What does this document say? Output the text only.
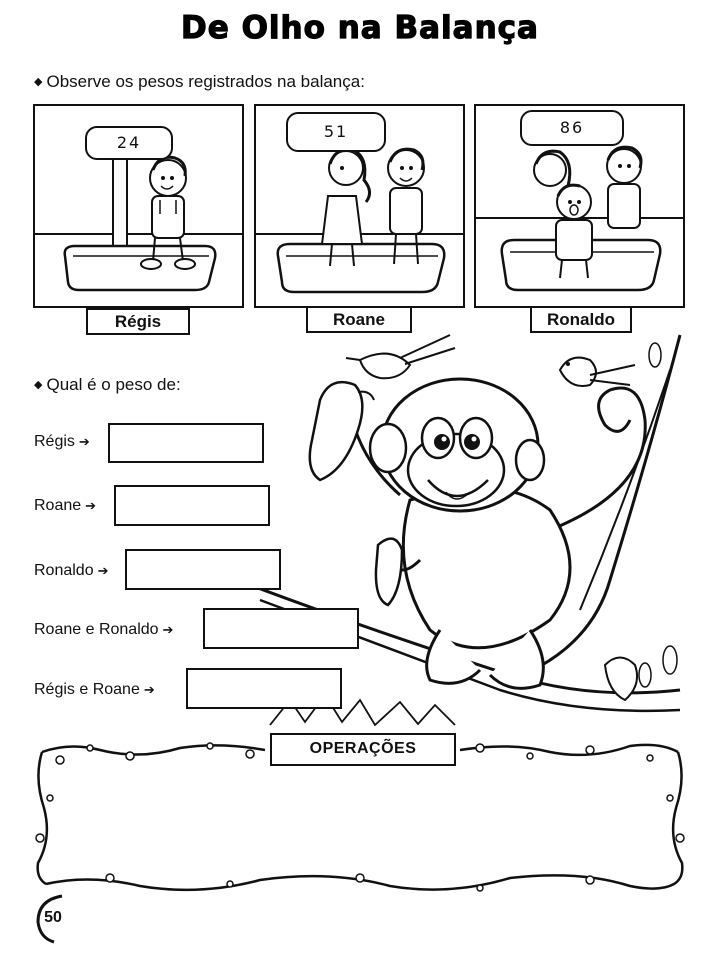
De Olho na Balança
◆ Observe os pesos registrados na balança:
24
51	86
Régis	Roane	Ronaldo
◆ Qual é o peso de:
Régis ➔
Roane ➔
Ronaldo ➔
Roane e Ronaldo ➔
Régis e Roane ➔
OPERAÇÕES
50
